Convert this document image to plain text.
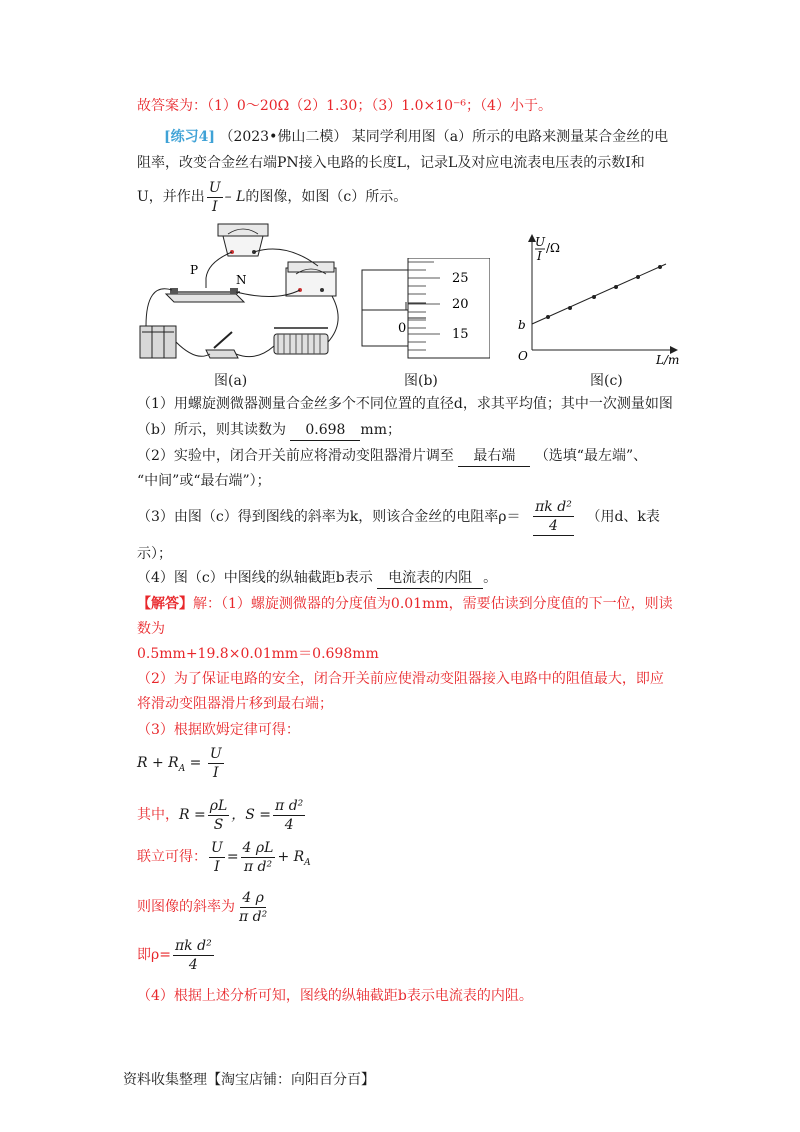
故答案为：（1）0～20Ω（2）1.30；（3）1.0×10⁻⁶；（4）小于。
[练习4] （2023•佛山二模） 某同学利用图（a）所示的电路来测量某合金丝的电
阻率，改变合金丝右端PN接入电路的长度L，记录L及对应电流表电压表的示数I和
U，并作出 $\frac{U}{I}$ – L的图像，如图（c）所示。
P
N
图(a)
25
20
15
0
图(b)
U
I
/Ω
b
O	L/m
图(c)
（1）用螺旋测微器测量合金丝多个不同位置的直径d，求其平均值；其中一次测量如图
（b）所示，则其读数为 0.698 mm；
（2）实验中，闭合开关前应将滑动变阻器滑片调至 最右端 （选填“最左端”、
“中间”或“最右端”）；
（3）由图（c）得到图线的斜率为k，则该合金丝的电阻率$\rho= \frac{\text{πk d²}}{4}$ （用d、k表
示）；
（4）图（c）中图线的纵轴截距b表示 电流表的内阻 。
【解答】解：（1）螺旋测微器的分度值为0.01mm，需要估读到分度值的下一位，则读
数为
0.5mm+19.8×0.01mm＝0.698mm
（2）为了保证电路的安全，闭合开关前应使滑动变阻器接入电路中的阻值最大，即应
将滑动变阻器滑片移到最右端；
（3）根据欧姆定律可得：
$R + R_A = \frac{U}{I}$
其中，$R = \frac{\rho L}{S}$ ，$S = \frac{\text{π d²}}{4}$
联立可得： $\frac{U}{I} = \frac{4 \rho L}{\text{π d²}} + R_A$
则图像的斜率为 $\frac{4 \rho}{\text{π d²}}$
即$\rho= \frac{\text{πk d²}}{4}$
（4）根据上述分析可知，图线的纵轴截距b表示电流表的内阻。
资料收集整理【淘宝店铺：向阳百分百】
